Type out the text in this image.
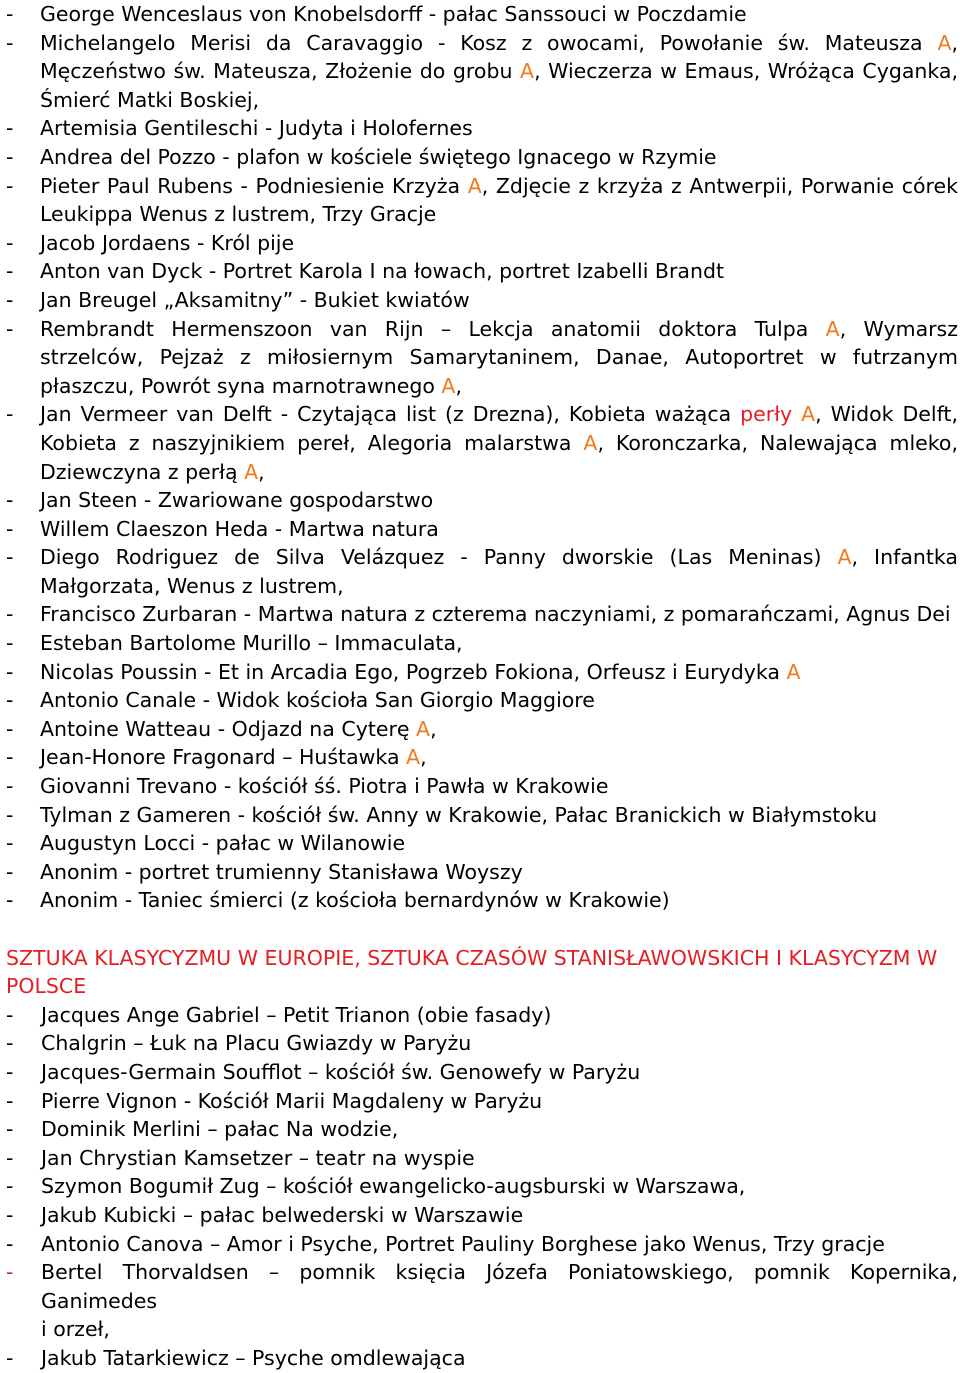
-	George Wenceslaus von Knobelsdorff - pałac Sanssouci w Poczdamie
-	Michelangelo Merisi da Caravaggio - Kosz z owocami, Powołanie św. Mateusza A, Męczeństwo św. Mateusza, Złożenie do grobu A, Wieczerza w Emaus, Wróżąca Cyganka, Śmierć Matki Boskiej,
-	Artemisia Gentileschi - Judyta i Holofernes
-	Andrea del Pozzo - plafon w kościele świętego Ignacego w Rzymie
-	Pieter Paul Rubens - Podniesienie Krzyża A, Zdjęcie z krzyża z Antwerpii, Porwanie córek Leukippa Wenus z lustrem, Trzy Gracje
-	Jacob Jordaens - Król pije
-	Anton van Dyck - Portret Karola I na łowach, portret Izabelli Brandt
-	Jan Breugel „Aksamitny” - Bukiet kwiatów
-	Rembrandt Hermenszoon van Rijn – Lekcja anatomii doktora Tulpa A, Wymarsz strzelców, Pejzaż z miłosiernym Samarytaninem, Danae, Autoportret w futrzanym płaszczu, Powrót syna marnotrawnego A,
-	Jan Vermeer van Delft - Czytająca list (z Drezna), Kobieta ważąca perły A, Widok Delft, Kobieta z naszyjnikiem pereł, Alegoria malarstwa A, Koronczarka, Nalewająca mleko, Dziewczyna z perłą A,
-	Jan Steen - Zwariowane gospodarstwo
-	Willem Claeszon Heda - Martwa natura
-	Diego Rodriguez de Silva Velázquez - Panny dworskie (Las Meninas) A, Infantka Małgorzata, Wenus z lustrem,
-	Francisco Zurbaran - Martwa natura z czterema naczyniami, z pomarańczami, Agnus Dei
-	Esteban Bartolome Murillo – Immaculata,
-	Nicolas Poussin - Et in Arcadia Ego, Pogrzeb Fokiona, Orfeusz i Eurydyka A
-	Antonio Canale - Widok kościoła San Giorgio Maggiore
-	Antoine Watteau - Odjazd na Cyterę A,
-	Jean-Honore Fragonard – Huśtawka A,
-	Giovanni Trevano - kościół śś. Piotra i Pawła w Krakowie
-	Tylman z Gameren - kościół św. Anny w Krakowie, Pałac Branickich w Białymstoku
-	Augustyn Locci - pałac w Wilanowie
-	Anonim - portret trumienny Stanisława Woyszy
-	Anonim - Taniec śmierci (z kościoła bernardynów w Krakowie)
SZTUKA KLASYCYZMU W EUROPIE, SZTUKA CZASÓW STANISŁAWOWSKICH I KLASYCYZM W POLSCE
-	Jacques Ange Gabriel – Petit Trianon (obie fasady)
-	Chalgrin – Łuk na Placu Gwiazdy w Paryżu
-	Jacques-Germain Soufflot – kościół św. Genowefy w Paryżu
-	Pierre Vignon - Kościół Marii Magdaleny w Paryżu
-	Dominik Merlini – pałac Na wodzie,
-	Jan Chrystian Kamsetzer – teatr na wyspie
-	Szymon Bogumił Zug – kościół ewangelicko-augsburski w Warszawa,
-	Jakub Kubicki – pałac belwederski w Warszawie
-	Antonio Canova – Amor i Psyche, Portret Pauliny Borghese jako Wenus, Trzy gracje
-	Bertel Thorvaldsen – pomnik księcia Józefa Poniatowskiego, pomnik Kopernika, Ganimedes
i orzeł,
-	Jakub Tatarkiewicz – Psyche omdlewająca
